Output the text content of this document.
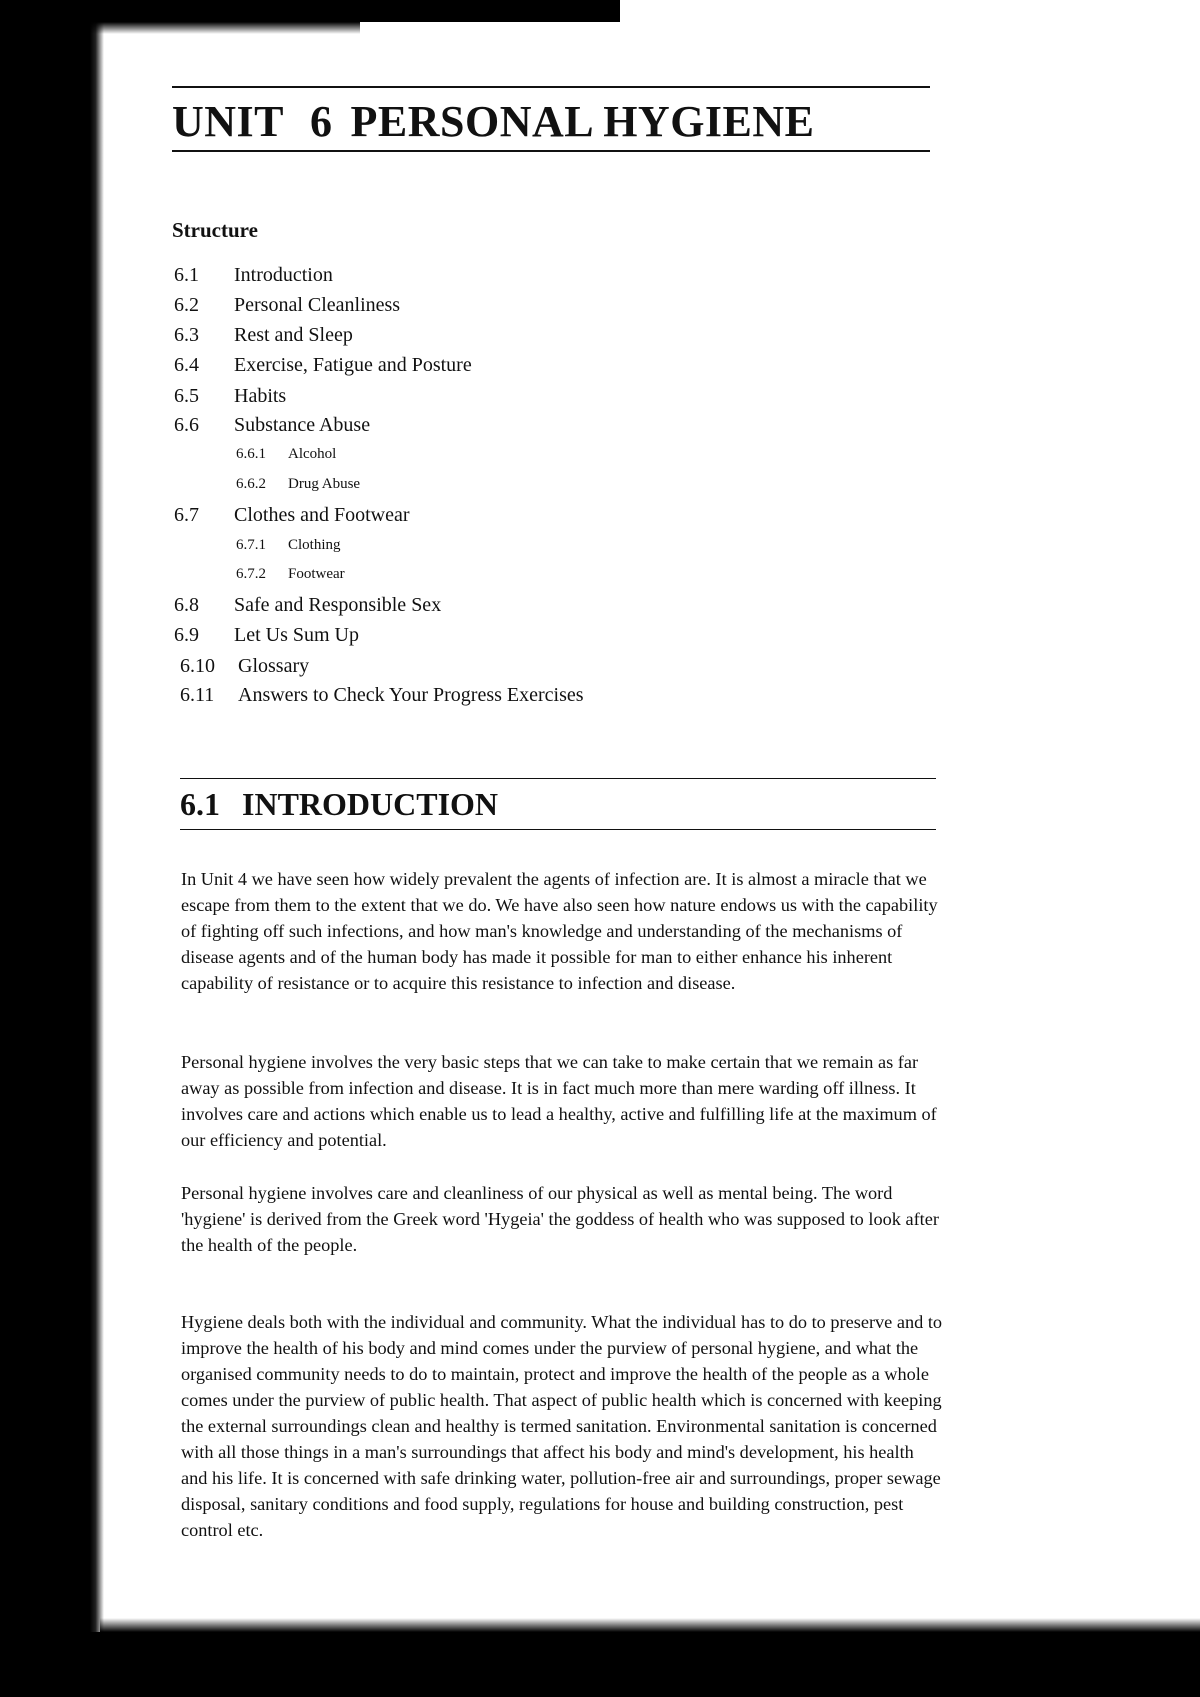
UNIT 6 PERSONAL HYGIENE
Structure
6.1 Introduction
6.2 Personal Cleanliness
6.3 Rest and Sleep
6.4 Exercise, Fatigue and Posture
6.5 Habits
6.6 Substance Abuse
6.6.1 Alcohol
6.6.2 Drug Abuse
6.7 Clothes and Footwear
6.7.1 Clothing
6.7.2 Footwear
6.8 Safe and Responsible Sex
6.9 Let Us Sum Up
6.10 Glossary
6.11 Answers to Check Your Progress Exercises
6.1 INTRODUCTION

In Unit 4 we have seen how widely prevalent the agents of infection are. It is almost a miracle that we escape from them to the extent that we do. We have also seen how nature endows us with the capability of fighting off such infections, and how man's knowledge and understanding of the mechanisms of disease agents and of the human body has made it possible for man to either enhance his inherent capability of resistance or to acquire this resistance to infection and disease.

Personal hygiene involves the very basic steps that we can take to make certain that we remain as far away as possible from infection and disease. It is in fact much more than mere warding off illness. It involves care and actions which enable us to lead a healthy, active and fulfilling life at the maximum of our efficiency and potential.

Personal hygiene involves care and cleanliness of our physical as well as mental being. The word 'hygiene' is derived from the Greek word 'Hygeia' the goddess of health who was supposed to look after the health of the people.

Hygiene deals both with the individual and community. What the individual has to do to preserve and to improve the health of his body and mind comes under the purview of personal hygiene, and what the organised community needs to do to maintain, protect and improve the health of the people as a whole comes under the purview of public health. That aspect of public health which is concerned with keeping the external surroundings clean and healthy is termed sanitation. Environmental sanitation is concerned with all those things in a man's surroundings that affect his body and mind's development, his health and his life. It is concerned with safe drinking water, pollution-free air and surroundings, proper sewage disposal, sanitary conditions and food supply, regulations for house and building construction, pest control etc.
